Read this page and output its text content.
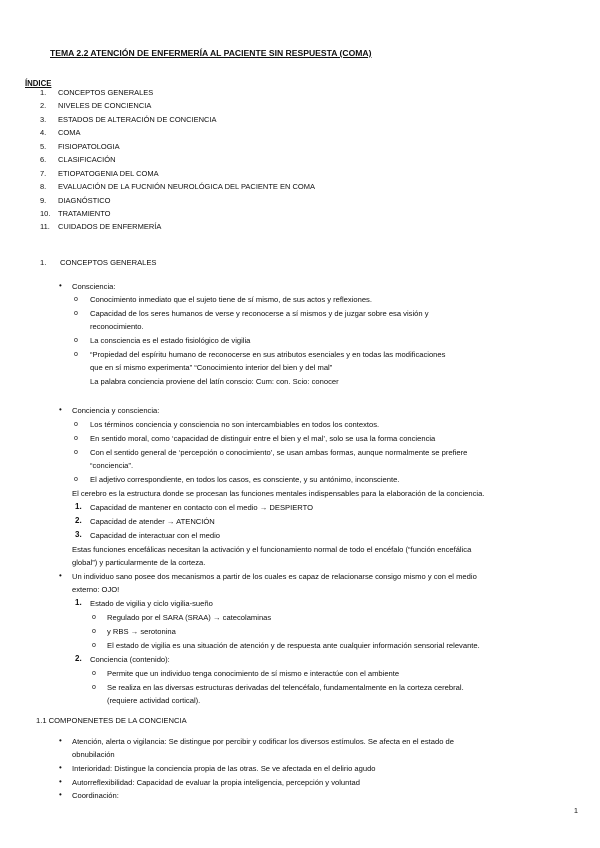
TEMA 2.2 ATENCIÓN DE ENFERMERÍA AL PACIENTE SIN RESPUESTA (COMA)
ÍNDICE
1.	CONCEPTOS GENERALES
2.	NIVELES DE CONCIENCIA
3.	ESTADOS DE ALTERACIÓN DE CONCIENCIA
4.	COMA
5.	FISIOPATOLOGIA
6.	CLASIFICACIÓN
7.	ETIOPATOGENIA DEL COMA
8.	EVALUACIÓN DE LA FUCNIÓN NEUROLÓGICA DEL PACIENTE EN COMA
9.	DIAGNÓSTICO
10.	TRATAMIENTO
11.	CUIDADOS DE ENFERMERÍA
1. CONCEPTOS GENERALES
• Consciencia:
o Conocimiento inmediato que el sujeto tiene de sí mismo, de sus actos y reflexiones.
o Capacidad de los seres humanos de verse y reconocerse a sí mismos y de juzgar sobre esa visión y
reconocimiento.
o La consciencia es el estado fisiológico de vigilia
o “Propiedad del espíritu humano de reconocerse en sus atributos esenciales y en todas las modificaciones
que en sí mismo experimenta” “Conocimiento interior del bien y del mal”
La palabra conciencia proviene del latín conscio: Cum: con. Scio: conocer
• Conciencia y consciencia:
o Los términos conciencia y consciencia no son intercambiables en todos los contextos.
o En sentido moral, como ‘capacidad de distinguir entre el bien y el mal’, solo se usa la forma conciencia
o Con el sentido general de ‘percepción o conocimiento’, se usan ambas formas, aunque normalmente se prefiere
“conciencia”.
o El adjetivo correspondiente, en todos los casos, es consciente, y su antónimo, inconsciente.
El cerebro es la estructura donde se procesan las funciones mentales indispensables para la elaboración de la conciencia.
1. Capacidad de mantener en contacto con el medio → DESPIERTO
2. Capacidad de atender → ATENCIÓN
3. Capacidad de interactuar con el medio
Estas funciones encefálicas necesitan la activación y el funcionamiento normal de todo el encéfalo (“función encefálica
global”) y particularmente de la corteza.
• Un individuo sano posee dos mecanismos a partir de los cuales es capaz de relacionarse consigo mismo y con el medio
externo: OJO!
1. Estado de vigilia y ciclo vigilia-sueño
o Regulado por el SARA (SRAA) → catecolaminas
o y RBS → serotonina
o El estado de vigilia es una situación de atención y de respuesta ante cualquier información sensorial relevante.
2. Conciencia (contenido):
o Permite que un individuo tenga conocimiento de sí mismo e interactúe con el ambiente
o Se realiza en las diversas estructuras derivadas del telencéfalo, fundamentalmente en la corteza cerebral.
(requiere actividad cortical).
1.1 COMPONENETES DE LA CONCIENCIA
• Atención, alerta o vigilancia: Se distingue por percibir y codificar los diversos estímulos. Se afecta en el estado de
obnubilación
• Interioridad: Distingue la conciencia propia de las otras. Se ve afectada en el delirio agudo
• Autorreflexibilidad: Capacidad de evaluar la propia inteligencia, percepción y voluntad
• Coordinación:
1
